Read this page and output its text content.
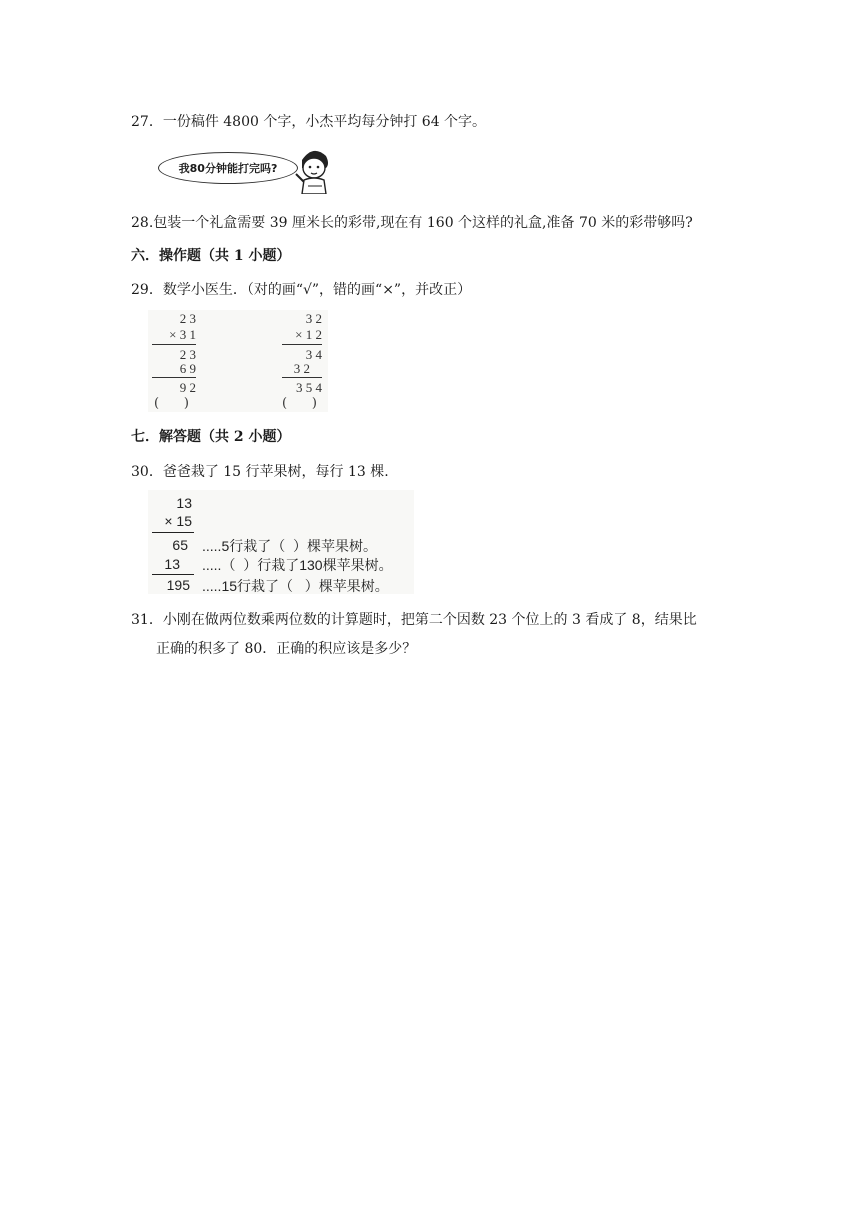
27．一份稿件 4800 个字，小杰平均每分钟打 64 个字。
我80分钟能打完吗?
28.包装一个礼盒需要 39 厘米长的彩带,现在有 160 个这样的礼盒,准备 70 米的彩带够吗?
六．操作题（共 1 小题）
29．数学小医生．（对的画“√”，错的画“×”，并改正）
2 3
× 3 1
2 3
6 9
9 2
(      )
3 2
× 1 2
3 4
3 2
3 5 4
(      )
七．解答题（共 2 小题）
30．爸爸栽了 15 行苹果树，每行 13 棵.
13
× 15
65
13
195
.....5行栽了（  ）棵苹果树。
.....（  ）行栽了130棵苹果树。
.....15行栽了（   ）棵苹果树。
31．小刚在做两位数乘两位数的计算题时，把第二个因数 23 个位上的 3 看成了 8，结果比
正确的积多了 80．正确的积应该是多少？
